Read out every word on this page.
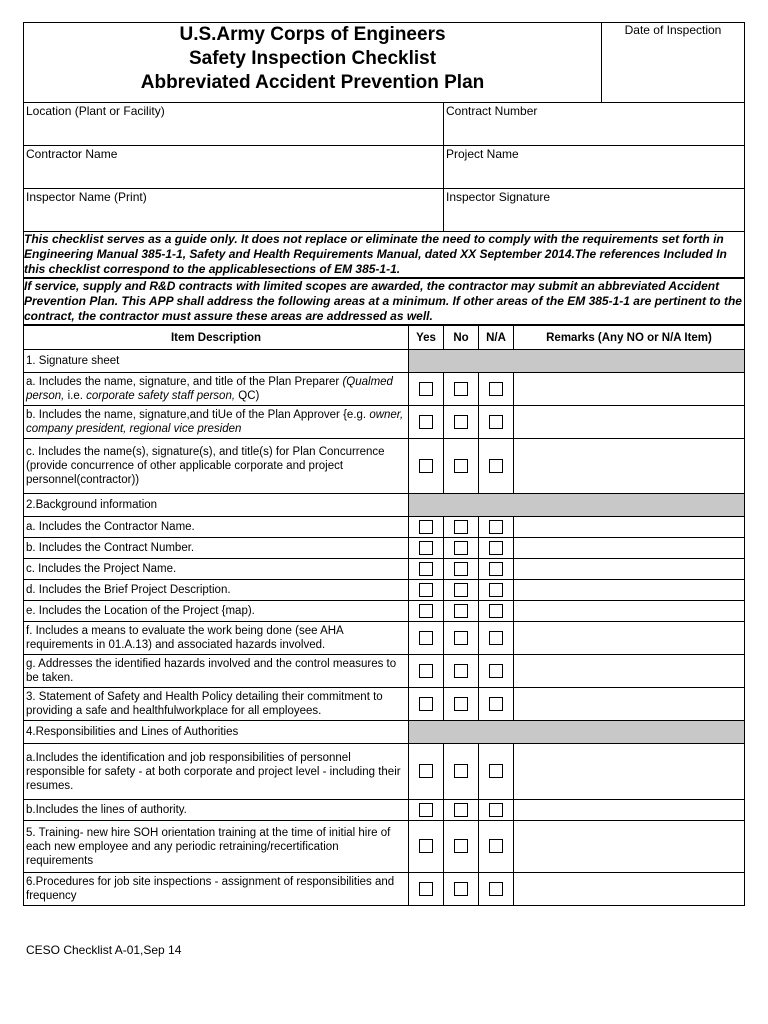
U.S.Army Corps of Engineers
Safety Inspection Checklist
Abbreviated Accident Prevention Plan		Date of Inspection

Location (Plant or Facility)	Contract Number	

Contractor Name	Project Name	

Inspector Name (Print)	Inspector Signature	

This checklist serves as a guide only. It does not replace or eliminate the need to comply with the requirements set forth in Engineering Manual 385-1-1, Safety and Health Requirements Manual, dated XX September 2014.The references Included In this checklist correspond to the applicablesections of EM 385-1-1.		
If service, supply and R&D contracts with limited scopes are awarded, the contractor may submit an abbreviated Accident Prevention Plan. This APP shall address the following areas at a minimum. If other areas of the EM 385-1-1 are pertinent to the contract, the contractor must assure these areas are addressed as well.		
Item Description	Yes	No	N/A	Remarks (Any NO or N/A Item)
1. Signature sheet				
a. Includes the name, signature, and title of the Plan Preparer (Qualmed person, i.e. corporate safety staff person, QC)				
b. Includes the name, signature,and tiUe of the Plan Approver {e.g. owner, company president, regional vice presiden				
c. Includes the name(s), signature(s), and title(s) for Plan Concurrence (provide concurrence of other applicable corporate and project personnel(contractor))				
2.Background information				
a. Includes the Contractor Name.				
b. Includes the Contract Number.				
c. Includes the Project Name.				
d. Includes the Brief Project Description.				
e. Includes the Location of the Project {map).				
f. Includes a means to evaluate the work being done (see AHA requirements in 01.A.13) and associated hazards involved.				
g. Addresses the identified hazards involved and the control measures to be taken.				
3. Statement of Safety and Health Policy detailing their commitment to providing a safe and healthfulworkplace for all employees.				
4.Responsibilities and Lines of Authorities				
a.Includes the identification and job responsibilities of personnel responsible for safety - at both corporate and project level - including their resumes.				
b.Includes the lines of authority.				
5. Training- new hire SOH orientation training at the time of initial hire of each new employee and any periodic retraining/recertification requirements				
6.Procedures for job site inspections - assignment of responsibilities and frequency				
CESO Checklist A-01,Sep 14
